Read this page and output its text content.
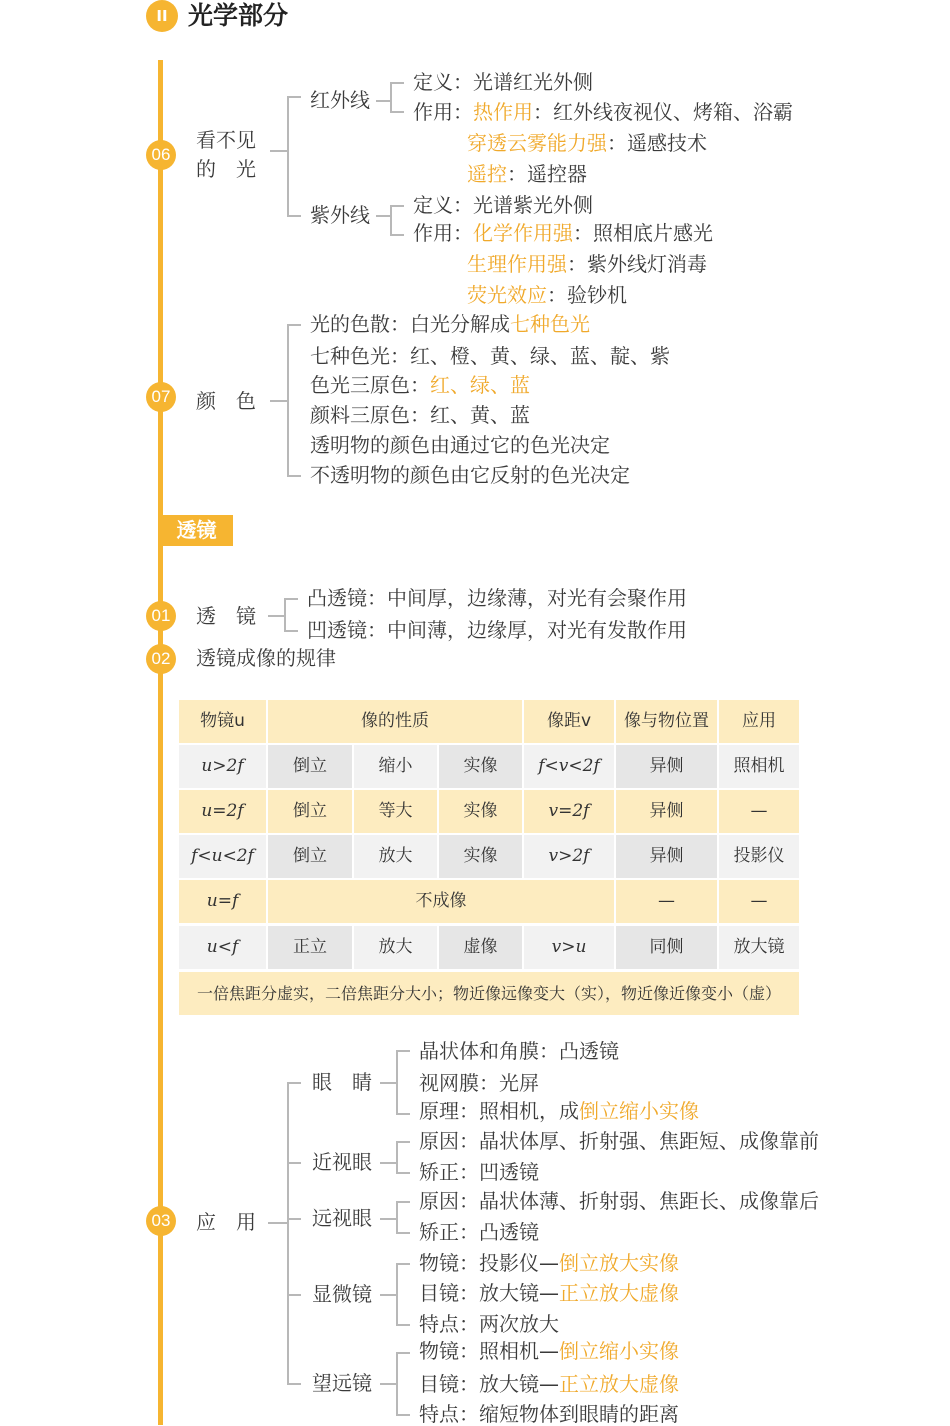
II 光学部分
06
看不见
的　光
红外线
定义：光谱红光外侧
作用：热作用：红外线夜视仪、烤箱、浴霸
穿透云雾能力强：遥感技术
遥控：遥控器
紫外线 定义：光谱紫光外侧
作用：化学作用强：照相底片感光
生理作用强：紫外线灯消毒
荧光效应：验钞机
07 颜　色
光的色散：白光分解成七种色光
七种色光：红、橙、黄、绿、蓝、靛、紫
色光三原色：红、绿、蓝
颜料三原色：红、黄、蓝
透明物的颜色由通过它的色光决定
不透明物的颜色由它反射的色光决定
透镜
01 透　镜
凸透镜：中间厚，边缘薄，对光有会聚作用
凹透镜：中间薄，边缘厚，对光有发散作用
02 透镜成像的规律
物镜u	像的性质	像距v	像与物位置	应用
u>2f	倒立	缩小	实像	f<v<2f	异侧	照相机
u=2f	倒立	等大	实像	v=2f	异侧	—
f<u<2f	倒立	放大	实像	v>2f	异侧	投影仪
u=f	不成像	—	—
u<f	正立	放大	虚像	v>u	同侧	放大镜
一倍焦距分虚实，二倍焦距分大小；物近像远像变大（实），物近像近像变小（虚）
03 应　用
眼　睛
晶状体和角膜：凸透镜
视网膜：光屏
原理：照相机，成倒立缩小实像
近视眼
原因：晶状体厚、折射强、焦距短、成像靠前
矫正：凹透镜
远视眼
原因：晶状体薄、折射弱、焦距长、成像靠后
矫正：凸透镜
显微镜
物镜：投影仪—倒立放大实像
目镜：放大镜—正立放大虚像
特点：两次放大
望远镜
物镜：照相机—倒立缩小实像
目镜：放大镜—正立放大虚像
特点：缩短物体到眼睛的距离
